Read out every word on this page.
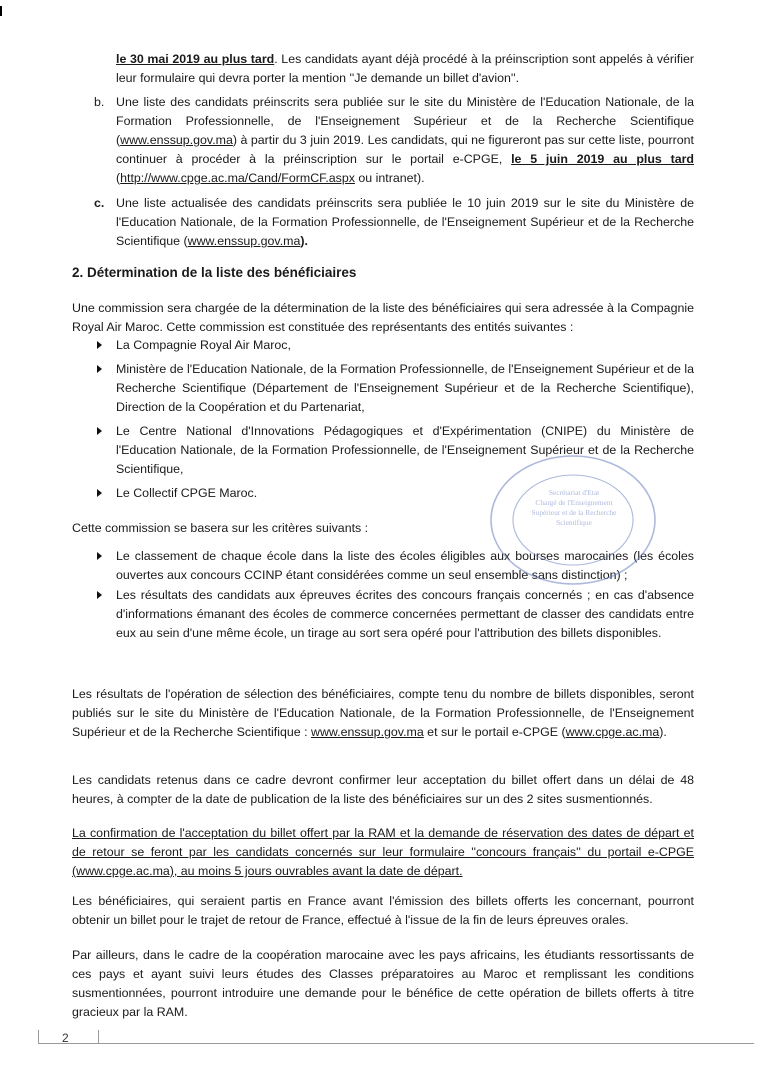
le 30 mai 2019 au plus tard. Les candidats ayant déjà procédé à la préinscription sont appelés à vérifier leur formulaire qui devra porter la mention ''Je demande un billet d'avion''.

b. Une liste des candidats préinscrits sera publiée sur le site du Ministère de l'Education Nationale, de la Formation Professionnelle, de l'Enseignement Supérieur et de la Recherche Scientifique (www.enssup.gov.ma) à partir du 3 juin 2019. Les candidats, qui ne figureront pas sur cette liste, pourront continuer à procéder à la préinscription sur le portail e-CPGE, le 5 juin 2019 au plus tard (http://www.cpge.ac.ma/Cand/FormCF.aspx ou intranet).

c. Une liste actualisée des candidats préinscrits sera publiée le 10 juin 2019 sur le site du Ministère de l'Education Nationale, de la Formation Professionnelle, de l'Enseignement Supérieur et de la Recherche Scientifique (www.enssup.gov.ma).

2. Détermination de la liste des bénéficiaires

Une commission sera chargée de la détermination de la liste des bénéficiaires qui sera adressée à la Compagnie Royal Air Maroc. Cette commission est constituée des représentants des entités suivantes :

La Compagnie Royal Air Maroc,

Ministère de l'Education Nationale, de la Formation Professionnelle, de l'Enseignement Supérieur et de la Recherche Scientifique (Département de l'Enseignement Supérieur et de la Recherche Scientifique), Direction de la Coopération et du Partenariat,

Le Centre National d'Innovations Pédagogiques et d'Expérimentation (CNIPE) du Ministère de l'Education Nationale, de la Formation Professionnelle, de l'Enseignement Supérieur et de la Recherche Scientifique,

Le Collectif CPGE Maroc.

Cette commission se basera sur les critères suivants :

Le classement de chaque école dans la liste des écoles éligibles aux bourses marocaines (les écoles ouvertes aux concours CCINP étant considérées comme un seul ensemble sans distinction) ;

Les résultats des candidats aux épreuves écrites des concours français concernés ; en cas d'absence d'informations émanant des écoles de commerce concernées permettant de classer des candidats entre eux au sein d'une même école, un tirage au sort sera opéré pour l'attribution des billets disponibles.

Les résultats de l'opération de sélection des bénéficiaires, compte tenu du nombre de billets disponibles, seront publiés sur le site du Ministère de l'Education Nationale, de la Formation Professionnelle, de l'Enseignement Supérieur et de la Recherche Scientifique : www.enssup.gov.ma et sur le portail e-CPGE (www.cpge.ac.ma).

Les candidats retenus dans ce cadre devront confirmer leur acceptation du billet offert dans un délai de 48 heures, à compter de la date de publication de la liste des bénéficiaires sur un des 2 sites susmentionnés.

La confirmation de l'acceptation du billet offert par la RAM et la demande de réservation des dates de départ et de retour se feront par les candidats concernés sur leur formulaire ''concours français'' du portail e-CPGE (www.cpge.ac.ma), au moins 5 jours ouvrables avant la date de départ.

Les bénéficiaires, qui seraient partis en France avant l'émission des billets offerts les concernant, pourront obtenir un billet pour le trajet de retour de France, effectué à l'issue de la fin de leurs épreuves orales.

Par ailleurs, dans le cadre de la coopération marocaine avec les pays africains, les étudiants ressortissants de ces pays et ayant suivi leurs études des Classes préparatoires au Maroc et remplissant les conditions susmentionnées, pourront introduire une demande pour le bénéfice de cette opération de billets offerts à titre gracieux par la RAM.

Secrétariat d'Etat
Chargé de l'Enseignement
Supérieur et de la Recherche
Scientifique
2
